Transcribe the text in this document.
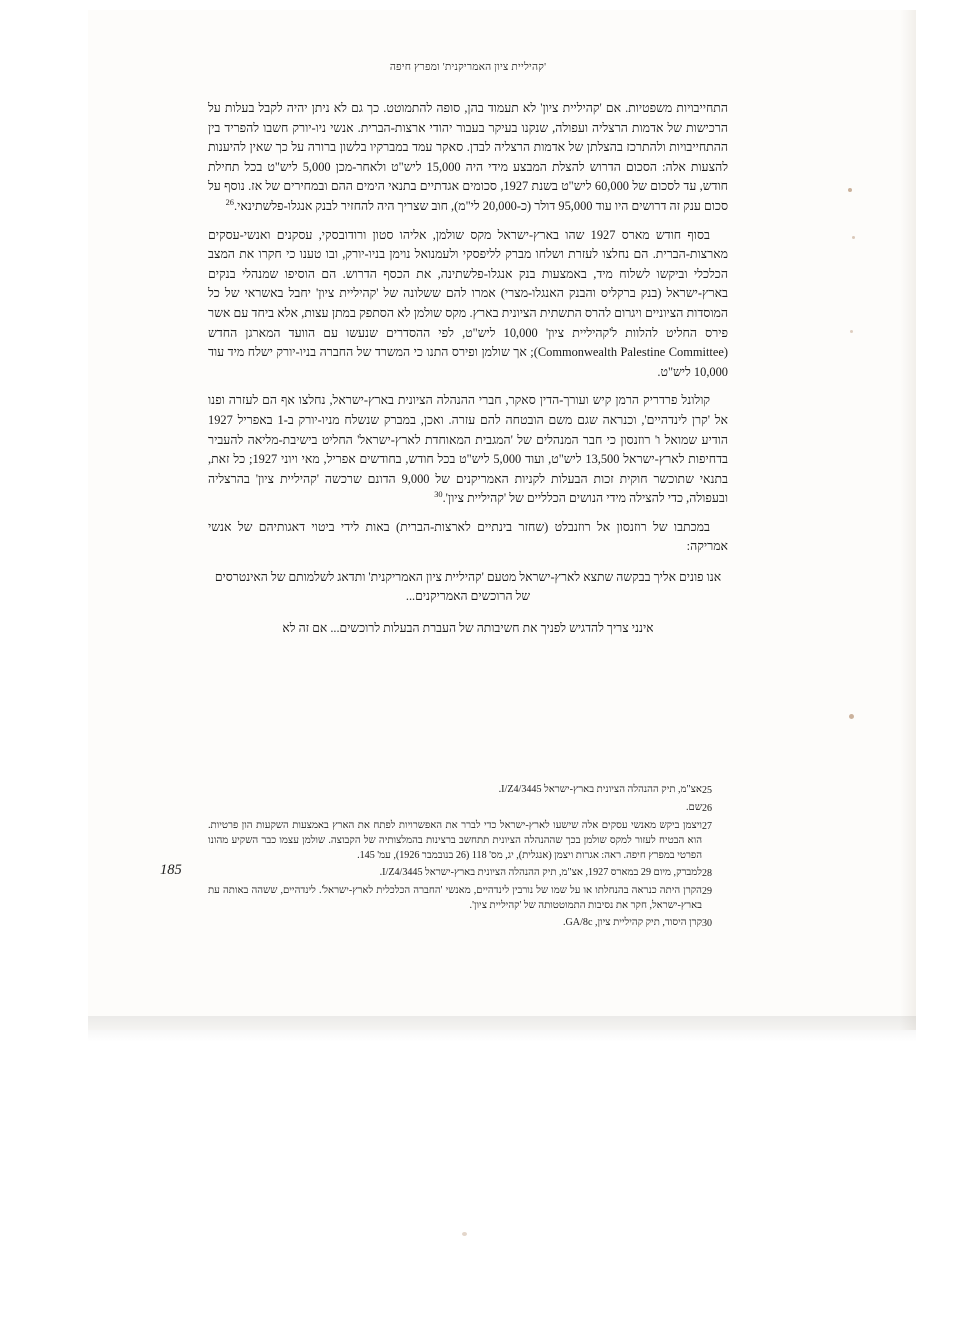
'קהיליית ציון האמריקנית' ומפרץ חיפה

התחייבויות משפטיות. אם 'קהיליית ציון' לא תעמוד בהן, סופה להתמוטט. כך גם לא ניתן יהיה לקבל בעלות על הרכישות של אדמות הרצליה ועפולה, שנקנו בעיקר בעבור יהודי ארצות-הברית. אנשי ניו-יורק חשבו להפריד בין ההתחייבויות ולהתרכז בהצלתן של אדמות הרצליה לבדן. סאקר עמד במברקיו בלשון ברורה על כך שאין להיענות להצעות אלה: הסכום הדרוש להצלת המבצע מידי היה 15,000 ליש"ט ולאחר-מכן 5,000 ליש"ט בכל תחילת חודש, עד לסכום של 60,000 ליש"ט בשנת 1927, סכומים אגדתיים בתנאי הימים ההם ובמחירים של אז. נוסף על סכום ענק זה דרושים היו עוד 95,000 דולר (כ-20,000 לי"מ), חוב שצריך היה להחזיר לבנק אנגלו-פלשתינאי.$^{26}$

בסוף חודש מארס 1927 שהו בארץ-ישראל מקס שולמן, אליהו סטון ורודובסקי, עסקנים ואנשי-עסקים מארצות-הברית. הם נחלצו לעזרת ושלחו מברק לליפסקי ולעמנואל נוימן בניו-יורק, ובו טענו כי חקרו את המצב הכלכלי וביקשו לשלוח מיד, באמצעות בנק אנגלו-פלשתינה, את הכסף הדרוש. הם הוסיפו שמנהלי בנקים בארץ-ישראל (בנק ברקליס והבנק האנגלו-מצרי) אמרו להם ששלונה של 'קהיליית ציון' יחבל באשראי של כל המוסדות הציוניים ויגרום להרס התשתית הציונית בארץ. מקס שולמן לא הסתפק במתן עצות, אלא ביחד עם אשר פירס החליט להלוות ל'קהיליית ציון' 10,000 ליש"ט, לפי ההסדרים שנעשו עם הוועד המארגן החדש (Commonwealth Palestine Committee); אך שולמן ופירס התנו כי המשרד של החברה בניו-יורק ישלח מיד עוד 10,000 ליש"ט.

קולונל פרדריק הרמן קיש ועורך-הדין סאקר, חברי ההנהלה הציונית בארץ-ישראל, נחלצו אף הם לעזרה ופנו אל 'קרן לינדהיים', וכנראה שגם משם הובטחה להם עזרה. ואכן, במברק שנשלח מניו-יורק ב-1 באפריל 1927 הודיע שמואל ו' רוזנסון כי חבר המנהלים של 'המגבית המאוחדת לארץ-ישראל' החליט בישיבת-מליאה להעביר בדחיפות לארץ-ישראל 13,500 ליש"ט, ועוד 5,000 ליש"ט בכל חודש, בחודשים אפריל, מאי ויוני 1927; כל זאת, בתנאי שתוכשר חוקית זכות הבעלות לקניות האמריקנים של 9,000 הדונם שרכשה 'קהיליית ציון' בהרצליה ובעפולה, כדי להצילה מידי הנושים הכלליים של 'קהיליית ציון'.$^{30}$

במכתבו של רוזנסון אל רוזנבלט (שחזר בינתיים לארצות-הברית) באות לידי ביטוי דאגותיהם של אנשי אמריקה:

אנו פונים אליך בבקשה שתצא לארץ-ישראל מטעם 'קהיליית ציון האמריקנית' ותדאג לשלמותם של האינטרסים של הרוכשים האמריקנים...

אינני צריך להדגיש לפניך את חשיבותה של העברת הבעלות לרוכשים... אם זה לא

25
אצ"מ, תיק ההנהלה הציונית בארץ-ישראל I/Z4/3445.
26
שם.
27
ויצמן ביקש מאנשי עסקים אלה שישעו לארץ-ישראל כדי לברר את האפשרויות לפתח את הארץ באמצעות השקעות הון פרטיות. הוא הבטיח לעזור למקס שולמן בכך שההנהלה הציונית תתחשב ברצינות בהמלצותיה של הקבוצה. שולמן עצמו כבר השקיע מהונו הפרטי במפרץ חיפה. ראה: אגרות ויצמן (אנגלית), יג, מס' 118 (26 בנובמבר 1926), עמ' 145.
28
למברק, מיום 29 במארס 1927, אצ"מ, תיק ההנהלה הציונית בארץ-ישראל I/Z4/3445.
29
הקרן היתה כנראה בהנחלתו או על שמו של נורבין לינדהיים, מאנשי 'החברה הכלכלית לארץ-ישראל'. לינדהיים, ששהה באותה עת בארץ-ישראל, חקר את נסיבות התמוטטותה של 'קהיליית ציון'.
30
קרן היסוד, תיק קהיליית ציון, GA/8c.
185
